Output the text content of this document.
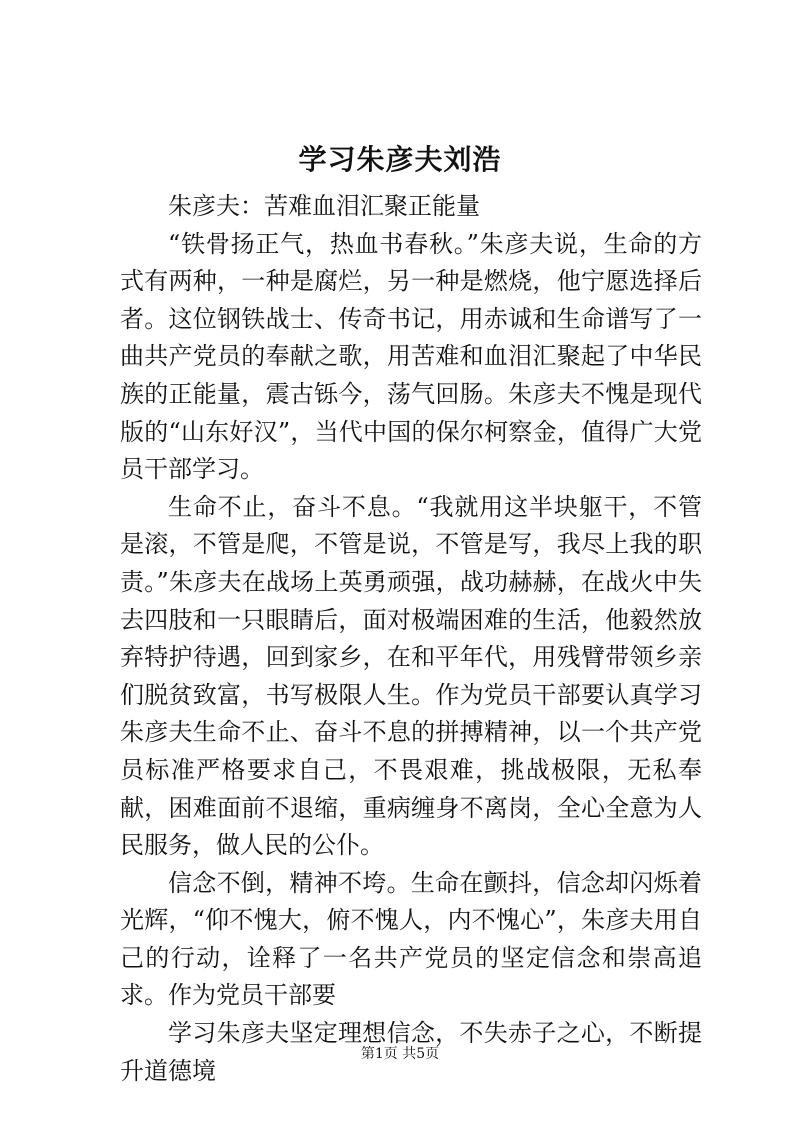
学习朱彦夫刘浩

朱彦夫：苦难血泪汇聚正能量

“铁骨扬正气，热血书春秋。”朱彦夫说，生命的方式有两种，一种是腐烂，另一种是燃烧，他宁愿选择后者。这位钢铁战士、传奇书记，用赤诚和生命谱写了一曲共产党员的奉献之歌，用苦难和血泪汇聚起了中华民族的正能量，震古铄今，荡气回肠。朱彦夫不愧是现代版的“山东好汉”，当代中国的保尔柯察金，值得广大党员干部学习。

生命不止，奋斗不息。“我就用这半块躯干，不管是滚，不管是爬，不管是说，不管是写，我尽上我的职责。”朱彦夫在战场上英勇顽强，战功赫赫，在战火中失去四肢和一只眼睛后，面对极端困难的生活，他毅然放弃特护待遇，回到家乡，在和平年代，用残臂带领乡亲们脱贫致富，书写极限人生。作为党员干部要认真学习朱彦夫生命不止、奋斗不息的拼搏精神，以一个共产党员标准严格要求自己，不畏艰难，挑战极限，无私奉献，困难面前不退缩，重病缠身不离岗，全心全意为人民服务，做人民的公仆。

信念不倒，精神不垮。生命在颤抖，信念却闪烁着光辉，“仰不愧大，俯不愧人，内不愧心”，朱彦夫用自己的行动，诠释了一名共产党员的坚定信念和崇高追求。作为党员干部要

学习朱彦夫坚定理想信念，不失赤子之心，不断提升道德境

第1页 共5页
